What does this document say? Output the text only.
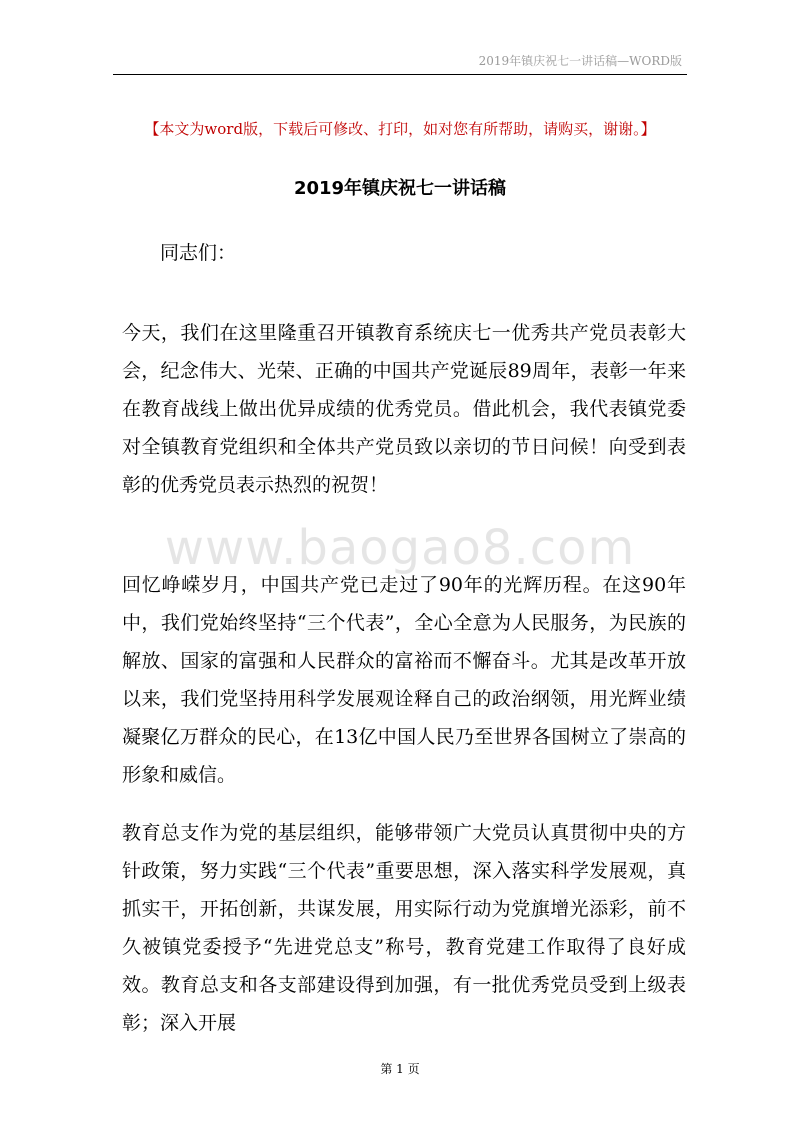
2019年镇庆祝七一讲话稿—WORD版
【本文为word版，下载后可修改、打印，如对您有所帮助，请购买，谢谢。】
2019年镇庆祝七一讲话稿
同志们：

今天，我们在这里隆重召开镇教育系统庆七一优秀共产党员表彰大会，纪念伟大、光荣、正确的中国共产党诞辰89周年，表彰一年来在教育战线上做出优异成绩的优秀党员。借此机会，我代表镇党委对全镇教育党组织和全体共产党员致以亲切的节日问候！向受到表彰的优秀党员表示热烈的祝贺！

www.baogao8.com

回忆峥嵘岁月，中国共产党已走过了90年的光辉历程。在这90年中，我们党始终坚持“三个代表”，全心全意为人民服务，为民族的解放、国家的富强和人民群众的富裕而不懈奋斗。尤其是改革开放以来，我们党坚持用科学发展观诠释自己的政治纲领，用光辉业绩凝聚亿万群众的民心，在13亿中国人民乃至世界各国树立了崇高的形象和威信。

教育总支作为党的基层组织，能够带领广大党员认真贯彻中央的方针政策，努力实践“三个代表”重要思想，深入落实科学发展观，真抓实干，开拓创新，共谋发展，用实际行动为党旗增光添彩，前不久被镇党委授予“先进党总支”称号，教育党建工作取得了良好成效。教育总支和各支部建设得到加强，有一批优秀党员受到上级表彰；深入开展

第 1 页
